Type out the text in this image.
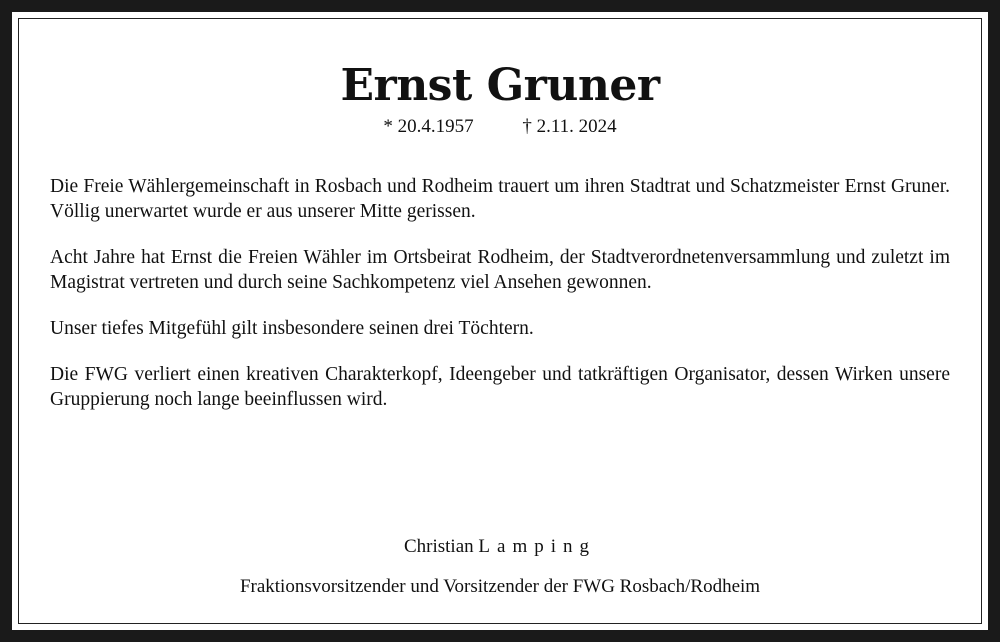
Ernst Gruner
* 20.4.1957	† 2.11. 2024

Die Freie Wählergemeinschaft in Rosbach und Rodheim trauert um ihren Stadtrat und Schatzmeister Ernst Gruner. Völlig unerwartet wurde er aus unserer Mitte gerissen.

Acht Jahre hat Ernst die Freien Wähler im Ortsbeirat Rodheim, der Stadtverordnetenversammlung und zuletzt im Magistrat vertreten und durch seine Sachkompetenz viel Ansehen gewonnen.

Unser tiefes Mitgefühl gilt insbesondere seinen drei Töchtern.

Die FWG verliert einen kreativen Charakterkopf, Ideengeber und tatkräftigen Organisator, dessen Wirken unsere Gruppierung noch lange beeinflussen wird.

Christian Lamping
Fraktionsvorsitzender und Vorsitzender der FWG Rosbach/Rodheim
